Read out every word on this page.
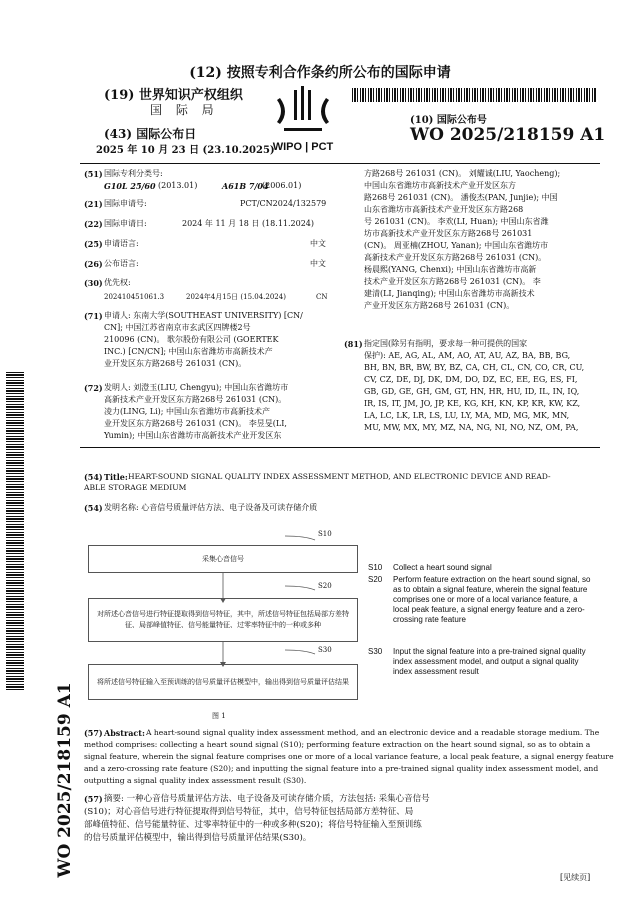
(12) 按照专利合作条约所公布的国际申请
(19) 世界知识产权组织
国 际 局
(43) 国际公布日
2025 年 10 月 23 日 (23.10.2025)
WIPO | PCT
(10) 国际公布号
WO 2025/218159 A1
WO 2025/218159 A1
(51) 国际专利分类号:
G10L 25/60 (2013.01)	A61B 7/04
(2006.01)
(21) 国际申请号:	PCT/CN2024/132579
(22) 国际申请日:	2024 年 11 月 18 日 (18.11.2024)
(25) 申请语言:	中文
(26) 公布语言:	中文
(30) 优先权:
202410451061.3	2024年4月15日 (15.04.2024)	CN
(71) 申请人: 东南大学(SOUTHEAST UNIVERSITY) [CN/
CN]; 中国江苏省南京市玄武区四牌楼2号
210096 (CN)。 歌尔股份有限公司 (GOERTEK
INC.) [CN/CN]; 中国山东省潍坊市高新技术产
业开发区东方路268号 261031 (CN)。
(72) 发明人: 刘澄玉(LIU, Chengyu); 中国山东省潍坊市
高新技术产业开发区东方路268号 261031 (CN)。
凌力(LING, Li); 中国山东省潍坊市高新技术产
业开发区东方路268号 261031 (CN)。 李昱旻(LI,
Yumin); 中国山东省潍坊市高新技术产业开发区东
方路268号 261031 (CN)。 刘耀诚(LIU, Yaocheng);
中国山东省潍坊市高新技术产业开发区东方
路268号 261031 (CN)。 潘俊杰(PAN, Junjie); 中国
山东省潍坊市高新技术产业开发区东方路268
号 261031 (CN)。 李欢(LI, Huan); 中国山东省潍
坊市高新技术产业开发区东方路268号 261031
(CN)。 周亚楠(ZHOU, Yanan); 中国山东省潍坊市
高新技术产业开发区东方路268号 261031 (CN)。
杨晨熙(YANG, Chenxi); 中国山东省潍坊市高新
技术产业开发区东方路268号 261031 (CN)。 李
建清(LI, Jianqing); 中国山东省潍坊市高新技术
产业开发区东方路268号 261031 (CN)。
(81) 指定国(除另有指明，要求每一种可提供的国家
保护): AE, AG, AL, AM, AO, AT, AU, AZ, BA, BB, BG,
BH, BN, BR, BW, BY, BZ, CA, CH, CL, CN, CO, CR, CU,
CV, CZ, DE, DJ, DK, DM, DO, DZ, EC, EE, EG, ES, FI,
GB, GD, GE, GH, GM, GT, HN, HR, HU, ID, IL, IN, IQ,
IR, IS, IT, JM, JO, JP, KE, KG, KH, KN, KP, KR, KW, KZ,
LA, LC, LK, LR, LS, LU, LY, MA, MD, MG, MK, MN,
MU, MW, MX, MY, MZ, NA, NG, NI, NO, NZ, OM, PA,
(54) Title: HEART-SOUND SIGNAL QUALITY INDEX ASSESSMENT METHOD, AND ELECTRONIC DEVICE AND READ-
ABLE STORAGE MEDIUM
(54) 发明名称: 心音信号质量评估方法、电子设备及可读存储介质
S10
S20
S30
采集心音信号
对所述心音信号进行特征提取得到信号特征，其中，所述信号特征包括局部方差特征、局部峰值特征、信号能量特征、过零率特征中的一种或多种
将所述信号特征输入至预训练的信号质量评估模型中，输出得到信号质量评估结果
图 1
S10 Collect a heart sound signal
S20 Perform feature extraction on the heart sound signal, so as to obtain a signal feature, wherein the signal feature comprises one or more of a local variance feature, a local peak feature, a signal energy feature and a zero-crossing rate feature
S30 Input the signal feature into a pre-trained signal quality index assessment model, and output a signal quality index assessment result
(57) Abstract: A heart-sound signal quality index assessment method, and an electronic device and a readable storage medium. The
method comprises: collecting a heart sound signal (S10); performing feature extraction on the heart sound signal, so as to obtain a
signal feature, wherein the signal feature comprises one or more of a local variance feature, a local peak feature, a signal energy feature
and a zero-crossing rate feature (S20); and inputting the signal feature into a pre-trained signal quality index assessment model, and
outputting a signal quality index assessment result (S30).
(57) 摘要: 一种心音信号质量评估方法、电子设备及可读存储介质，方法包括: 采集心音信号
(S10)；对心音信号进行特征提取得到信号特征，其中，信号特征包括局部方差特征、局
部峰值特征、信号能量特征、过零率特征中的一种或多种(S20)；将信号特征输入至预训练
的信号质量评估模型中，输出得到信号质量评估结果(S30)。
[见续页]
